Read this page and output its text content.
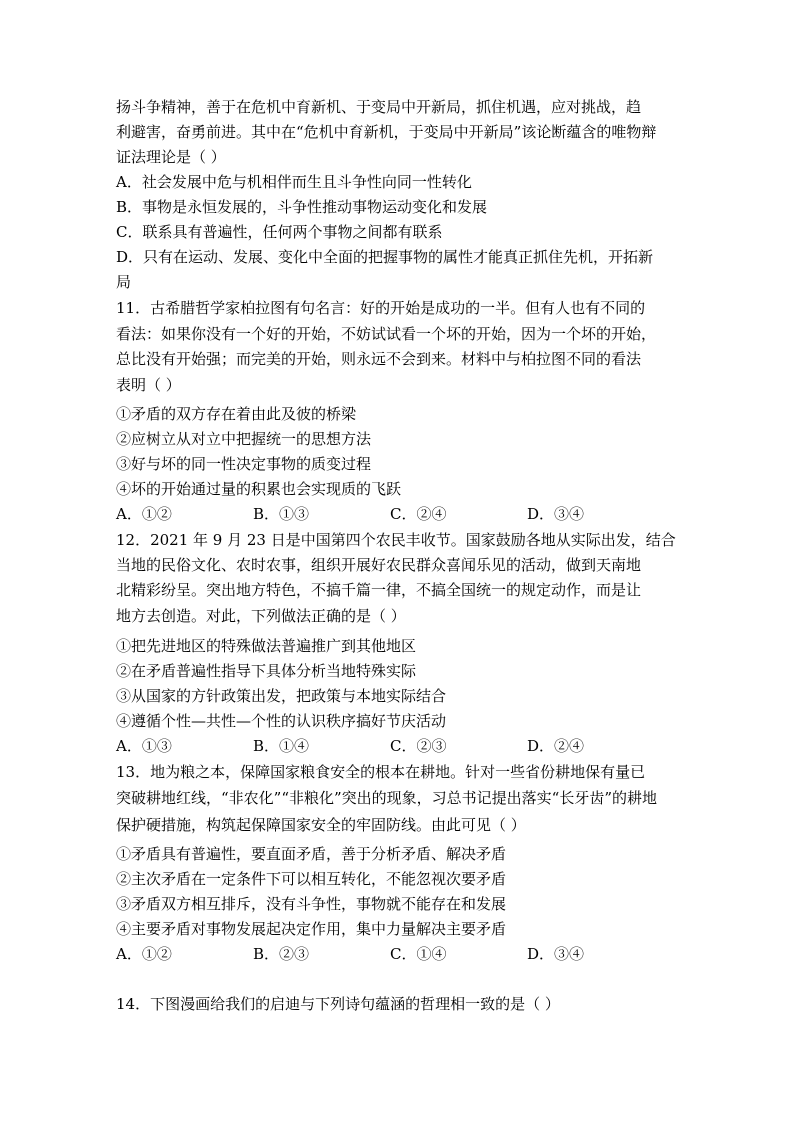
扬斗争精神，善于在危机中育新机、于变局中开新局，抓住机遇，应对挑战，趋
利避害，奋勇前进。其中在“危机中育新机，于变局中开新局”该论断蕴含的唯物辩
证法理论是（ ）
A．社会发展中危与机相伴而生且斗争性向同一性转化
B．事物是永恒发展的，斗争性推动事物运动变化和发展
C．联系具有普遍性，任何两个事物之间都有联系
D．只有在运动、发展、变化中全面的把握事物的属性才能真正抓住先机，开拓新
局
11．古希腊哲学家柏拉图有句名言：好的开始是成功的一半。但有人也有不同的
看法：如果你没有一个好的开始，不妨试试看一个坏的开始，因为一个坏的开始，
总比没有开始强；而完美的开始，则永远不会到来。材料中与柏拉图不同的看法
表明（ ）
①矛盾的双方存在着由此及彼的桥梁
②应树立从对立中把握统一的思想方法
③好与坏的同一性决定事物的质变过程
④坏的开始通过量的积累也会实现质的飞跃
A．①②	B．①③	C．②④	D．③④
12．2021 年 9 月 23 日是中国第四个农民丰收节。国家鼓励各地从实际出发，结合
当地的民俗文化、农时农事，组织开展好农民群众喜闻乐见的活动，做到天南地
北精彩纷呈。突出地方特色，不搞千篇一律，不搞全国统一的规定动作，而是让
地方去创造。对此，下列做法正确的是（ ）
①把先进地区的特殊做法普遍推广到其他地区
②在矛盾普遍性指导下具体分析当地特殊实际
③从国家的方针政策出发，把政策与本地实际结合
④遵循个性—共性—个性的认识秩序搞好节庆活动
A．①③	B．①④	C．②③	D．②④
13．地为粮之本，保障国家粮食安全的根本在耕地。针对一些省份耕地保有量已
突破耕地红线，“非农化”“非粮化”突出的现象，习总书记提出落实“长牙齿”的耕地
保护硬措施，构筑起保障国家安全的牢固防线。由此可见（ ）
①矛盾具有普遍性，要直面矛盾，善于分析矛盾、解决矛盾
②主次矛盾在一定条件下可以相互转化，不能忽视次要矛盾
③矛盾双方相互排斥，没有斗争性，事物就不能存在和发展
④主要矛盾对事物发展起决定作用，集中力量解决主要矛盾
A．①②	B．②③	C．①④	D．③④
14．下图漫画给我们的启迪与下列诗句蕴涵的哲理相一致的是（ ）
